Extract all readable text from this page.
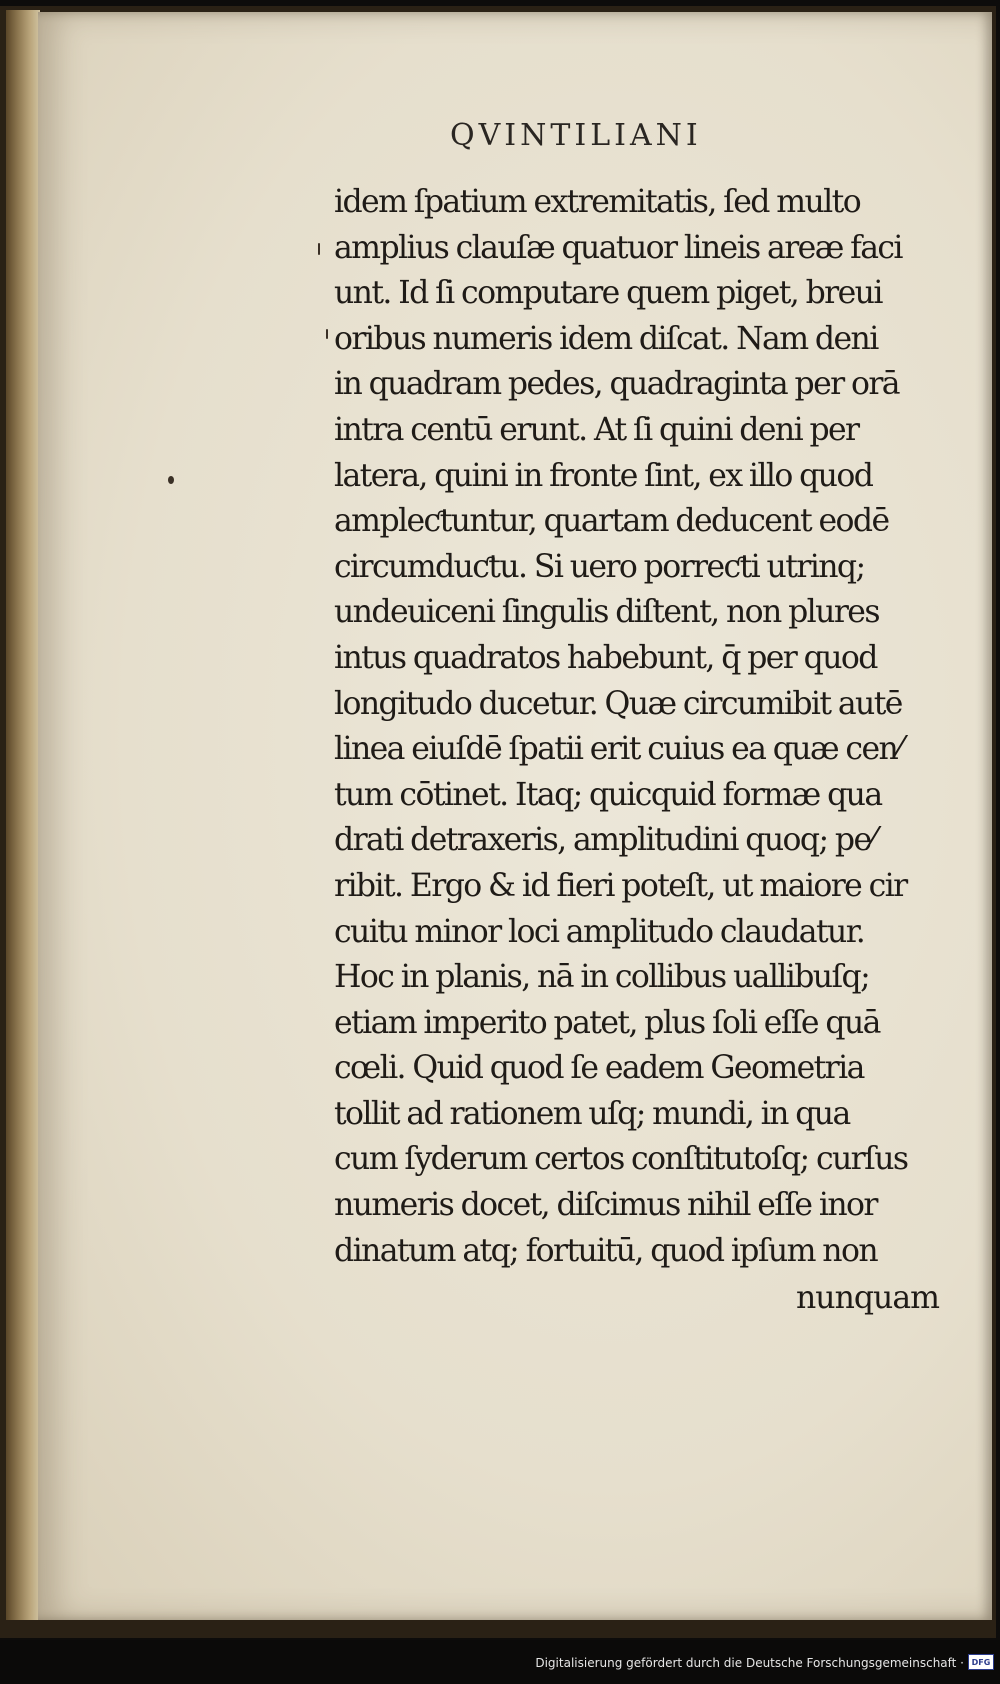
QVINTILIANI
idem ſpatium extremitatis, ſed multo
amplius clauſæ quatuor lineis areæ faci
unt. Id ſi computare quem piget, breui
oribus numeris idem diſcat. Nam deni
in quadram pedes, quadraginta per orā
intra centū erunt. At ſi quini deni per
latera, quini in fronte ſint, ex illo quod
ampleƈtuntur, quartam deducent eodē
circumduƈtu. Si uero porreƈti utrinq;
undeuiceni ſingulis diſtent, non plures
intus quadratos habebunt, q̄ per quod
longitudo ducetur. Quæ circumibit autē
linea eiuſdē ſpatii erit cuius ea quæ cen⁄
tum cōtinet. Itaq; quicquid formæ qua
drati detraxeris, amplitudini quoq; pe⁄
ribit. Ergo & id fieri poteſt, ut maiore cir
cuitu minor loci amplitudo claudatur.
Hoc in planis, nā in collibus uallibuſq;
etiam imperito patet, plus ſoli eſſe quā
cœli. Quid quod ſe eadem Geometria
tollit ad rationem uſq; mundi, in qua
cum ſyderum certos conſtitutoſq; curſus
numeris docet, diſcimus nihil eſſe inor
dinatum atq; fortuitū, quod ipſum non
nunquam
Digitalisierung gefördert durch die Deutsche Forschungsgemeinschaft · DFG
